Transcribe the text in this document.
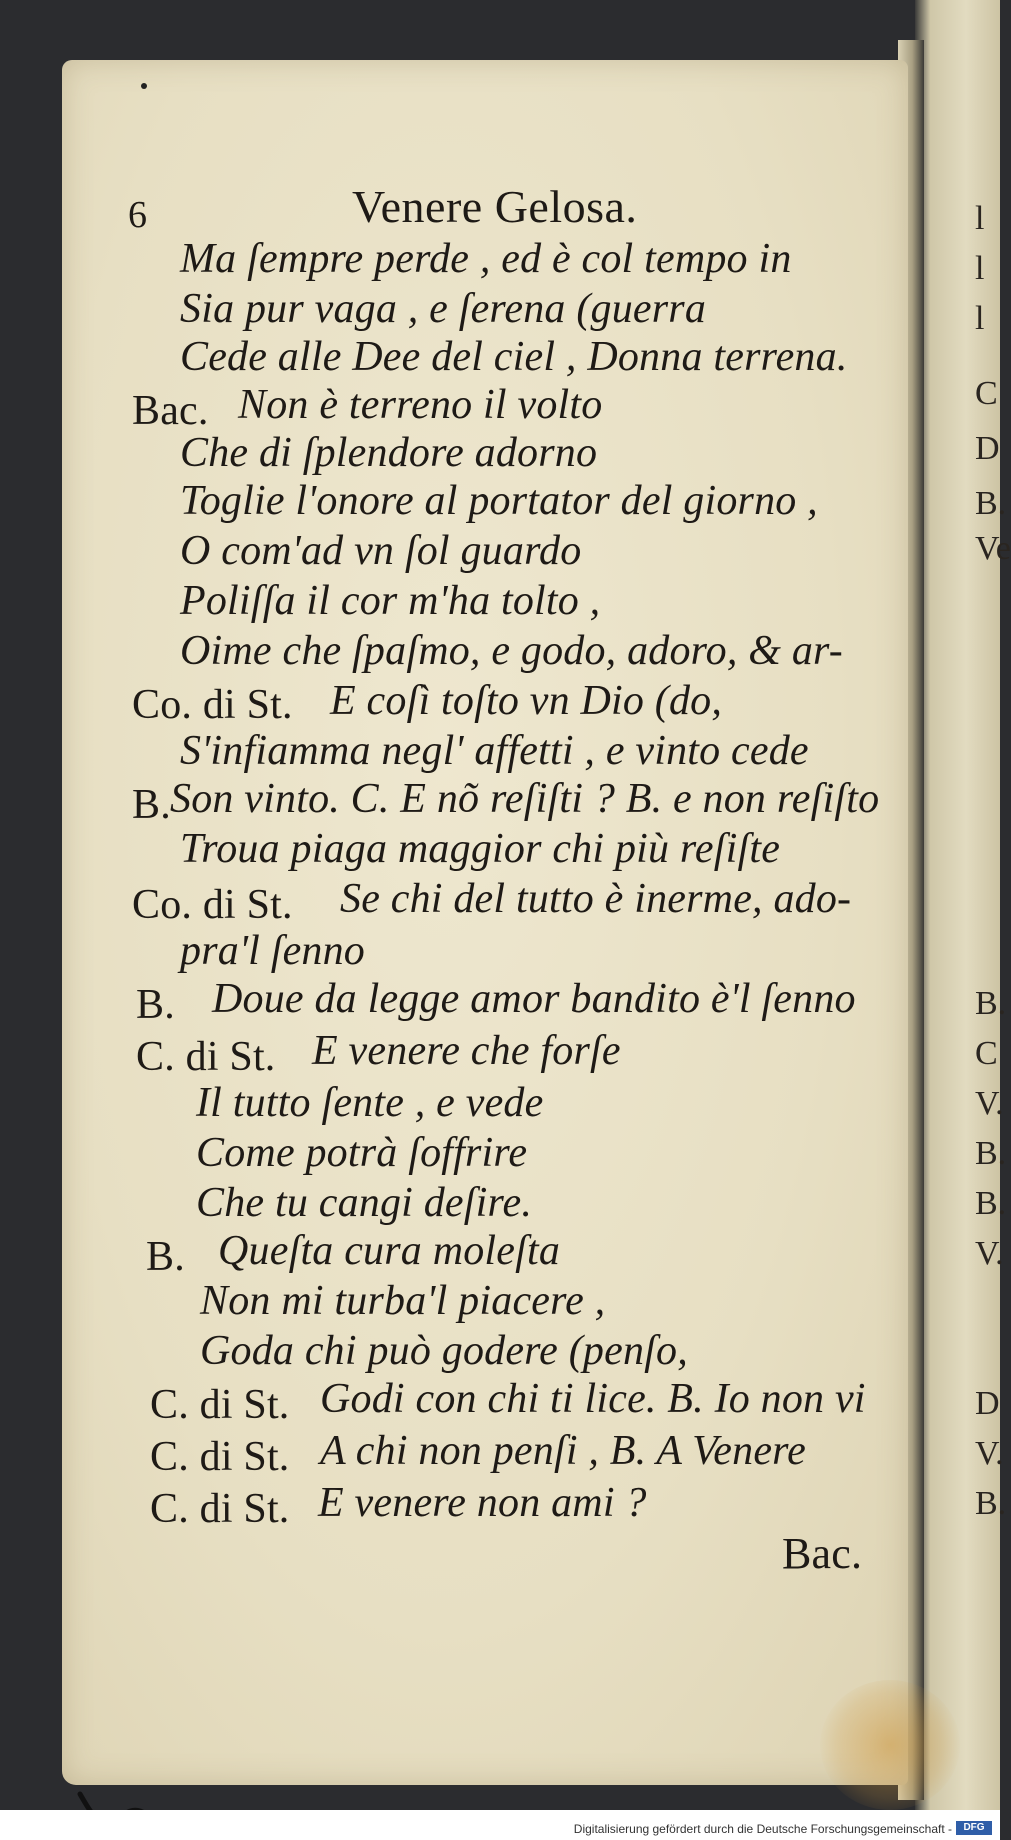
l
l
l
C
D
B.
Ve
B.
C
V.
B.
B.
V.
D
V.
B.
6	Venere Gelosa.
Ma ſempre perde , ed è col tempo in
Sia pur vaga , e ſerena (guerra
Cede alle Dee del ciel , Donna terrena.
Bac. Non è terreno il volto
Che di ſplendore adorno
Toglie l'onore al portator del giorno ,
O com'ad vn ſol guardo
Poliſſa il cor m'ha tolto ,
Oime che ſpaſmo, e godo, adoro, & ar-
Co. di St. E coſì toſto vn Dio (do,
S'infiamma negl' affetti , e vinto cede
B. Son vinto. C. E nõ reſiſti ? B. e non reſiſto
Troua piaga maggior chi più reſiſte
Co. di St. Se chi del tutto è inerme, ado-
pra'l ſenno
B. Doue da legge amor bandito è'l ſenno
C. di St. E venere che forſe
Il tutto ſente , e vede
Come potrà ſoffrire
Che tu cangi deſire.
B. Queſta cura moleſta
Non mi turba'l piacere ,
Goda chi può godere (penſo,
C. di St. Godi con chi ti lice. B. Io non vi
C. di St. A chi non penſi , B. A Venere
C. di St. E venere non ami ?
Bac.
Digitalisierung gefördert durch die Deutsche Forschungsgemeinschaft -	DFG
